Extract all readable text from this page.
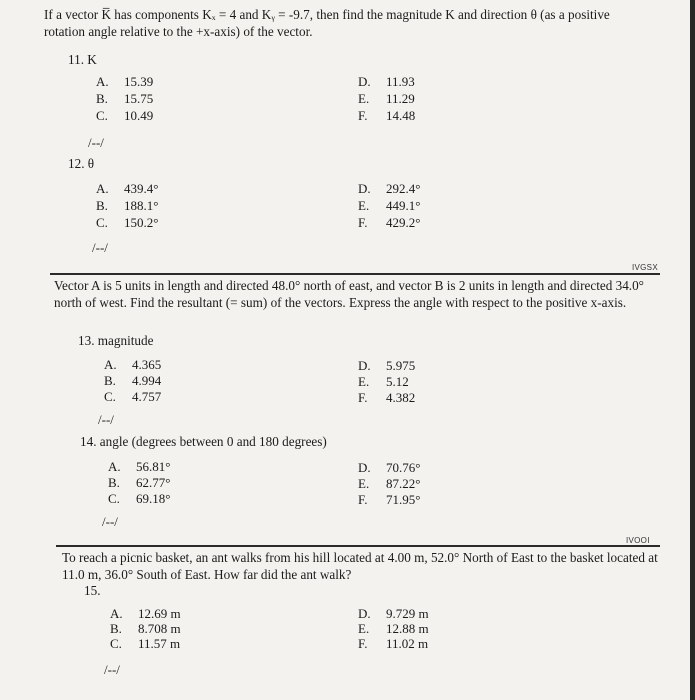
If a vector K̅ has components Kₓ = 4 and Kᵧ = -9.7, then find the magnitude K and direction θ (as a positive rotation angle relative to the +x-axis) of the vector.

11. K
A. 15.39
B. 15.75
C. 10.49
D. 11.93
E. 11.29
F. 14.48
/--/
12. θ
A. 439.4°
B. 188.1°
C. 150.2°
D. 292.4°
E. 449.1°
F. 429.2°
/--/
IVGSX

Vector A is 5 units in length and directed 48.0° north of east, and vector B is 2 units in length and directed 34.0° north of west. Find the resultant (= sum) of the vectors. Express the angle with respect to the positive x-axis.

13. magnitude
A. 4.365
B. 4.994
C. 4.757
D. 5.975
E. 5.12
F. 4.382
/--/
14. angle (degrees between 0 and 180 degrees)
A. 56.81°
B. 62.77°
C. 69.18°
D. 70.76°
E. 87.22°
F. 71.95°
/--/
IVOOI

To reach a picnic basket, an ant walks from his hill located at 4.00 m, 52.0° North of East to the basket located at 11.0 m, 36.0° South of East. How far did the ant walk?

15.
A. 12.69 m
B. 8.708 m
C. 11.57 m
D. 9.729 m
E. 12.88 m
F. 11.02 m
/--/
